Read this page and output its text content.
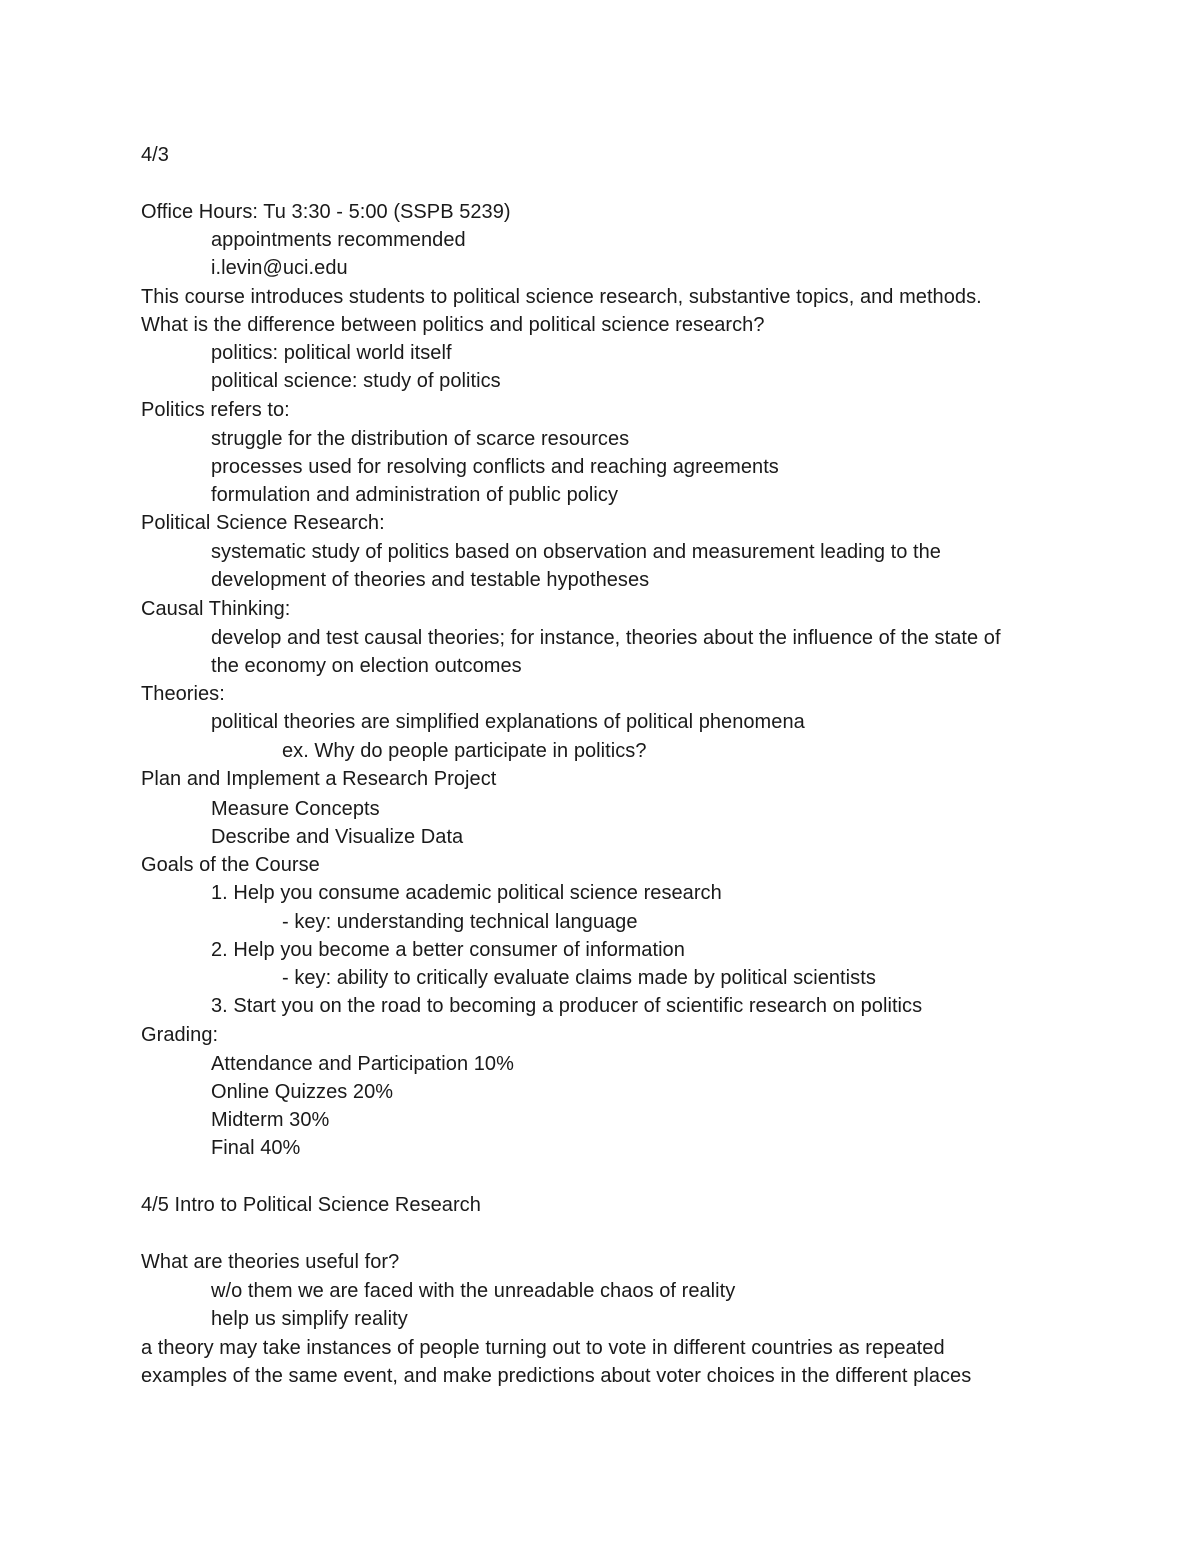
4/3
Office Hours: Tu 3:30 - 5:00 (SSPB 5239)
appointments recommended
i.levin@uci.edu
This course introduces students to political science research, substantive topics, and methods.
What is the difference between politics and political science research?
politics: political world itself
political science: study of politics
Politics refers to:
struggle for the distribution of scarce resources
processes used for resolving conflicts and reaching agreements
formulation and administration of public policy
Political Science Research:
systematic study of politics based on observation and measurement leading to the
development of theories and testable hypotheses
Causal Thinking:
develop and test causal theories; for instance, theories about the influence of the state of
the economy on election outcomes
Theories:
political theories are simplified explanations of political phenomena
ex. Why do people participate in politics?
Plan and Implement a Research Project
Measure Concepts
Describe and Visualize Data
Goals of the Course
1. Help you consume academic political science research
- key: understanding technical language
2. Help you become a better consumer of information
- key: ability to critically evaluate claims made by political scientists
3. Start you on the road to becoming a producer of scientific research on politics
Grading:
Attendance and Participation 10%
Online Quizzes 20%
Midterm 30%
Final 40%
4/5 Intro to Political Science Research
What are theories useful for?
w/o them we are faced with the unreadable chaos of reality
help us simplify reality
a theory may take instances of people turning out to vote in different countries as repeated
examples of the same event, and make predictions about voter choices in the different places
